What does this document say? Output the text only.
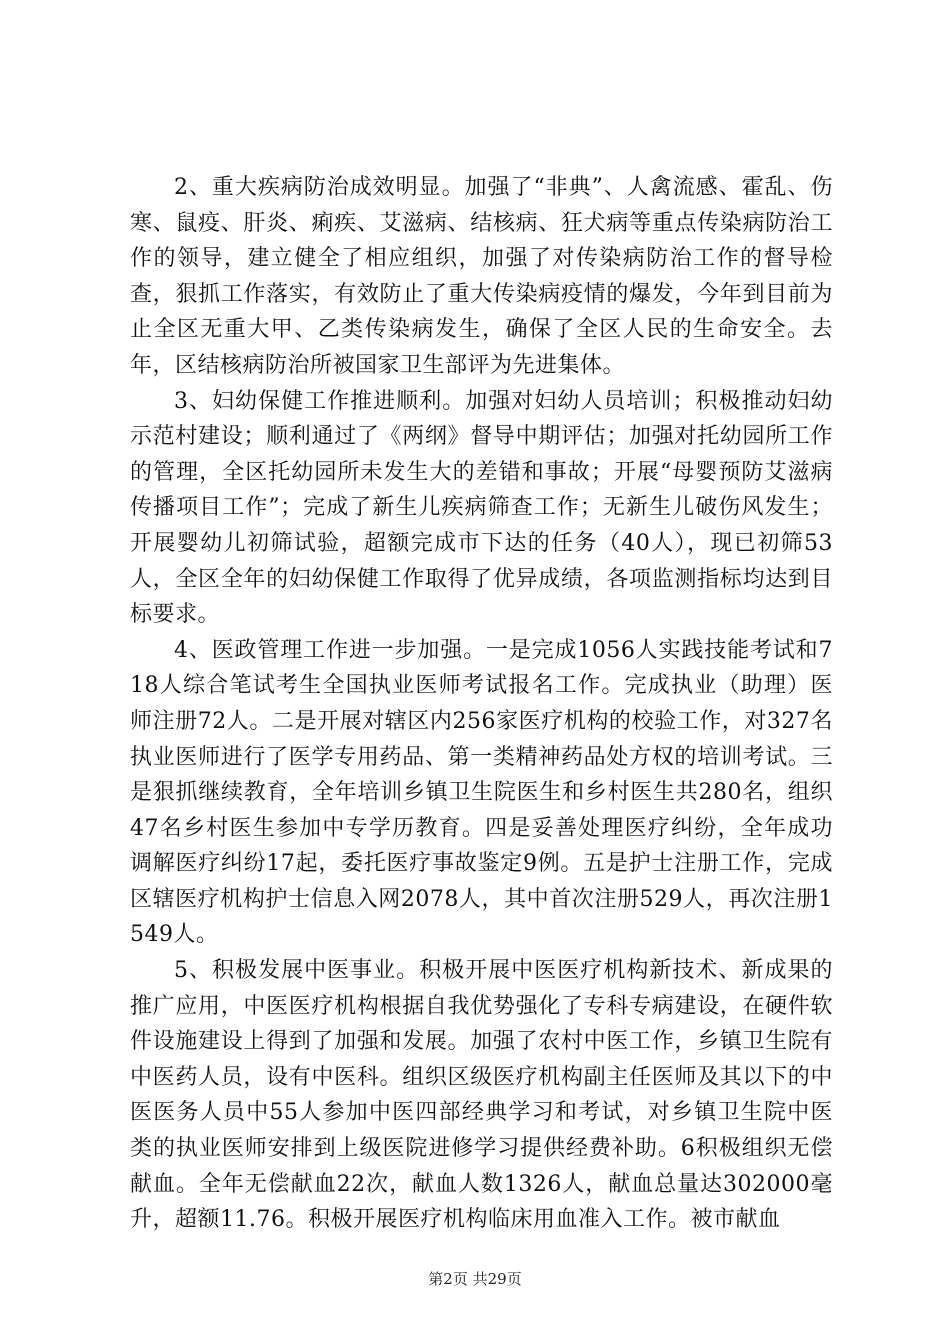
2、重大疾病防治成效明显。加强了“非典”、人禽流感、霍乱、伤寒、鼠疫、肝炎、痢疾、艾滋病、结核病、狂犬病等重点传染病防治工作的领导，建立健全了相应组织，加强了对传染病防治工作的督导检查，狠抓工作落实，有效防止了重大传染病疫情的爆发，今年到目前为止全区无重大甲、乙类传染病发生，确保了全区人民的生命安全。去年，区结核病防治所被国家卫生部评为先进集体。

3、妇幼保健工作推进顺利。加强对妇幼人员培训；积极推动妇幼示范村建设；顺利通过了《两纲》督导中期评估；加强对托幼园所工作的管理，全区托幼园所未发生大的差错和事故；开展“母婴预防艾滋病传播项目工作”；完成了新生儿疾病筛查工作；无新生儿破伤风发生；开展婴幼儿初筛试验，超额完成市下达的任务（40人），现已初筛53人，全区全年的妇幼保健工作取得了优异成绩，各项监测指标均达到目标要求。

4、医政管理工作进一步加强。一是完成1056人实践技能考试和718人综合笔试考生全国执业医师考试报名工作。完成执业（助理）医师注册72人。二是开展对辖区内256家医疗机构的校验工作，对327名执业医师进行了医学专用药品、第一类精神药品处方权的培训考试。三是狠抓继续教育，全年培训乡镇卫生院医生和乡村医生共280名，组织47名乡村医生参加中专学历教育。四是妥善处理医疗纠纷，全年成功调解医疗纠纷17起，委托医疗事故鉴定9例。五是护士注册工作，完成区辖医疗机构护士信息入网2078人，其中首次注册529人，再次注册1549人。

5、积极发展中医事业。积极开展中医医疗机构新技术、新成果的推广应用，中医医疗机构根据自我优势强化了专科专病建设，在硬件软件设施建设上得到了加强和发展。加强了农村中医工作，乡镇卫生院有中医药人员，设有中医科。组织区级医疗机构副主任医师及其以下的中医医务人员中55人参加中医四部经典学习和考试，对乡镇卫生院中医类的执业医师安排到上级医院进修学习提供经费补助。6积极组织无偿献血。全年无偿献血22次，献血人数1326人，献血总量达302000毫升，超额11.76。积极开展医疗机构临床用血准入工作。被市献血

第2页 共29页
